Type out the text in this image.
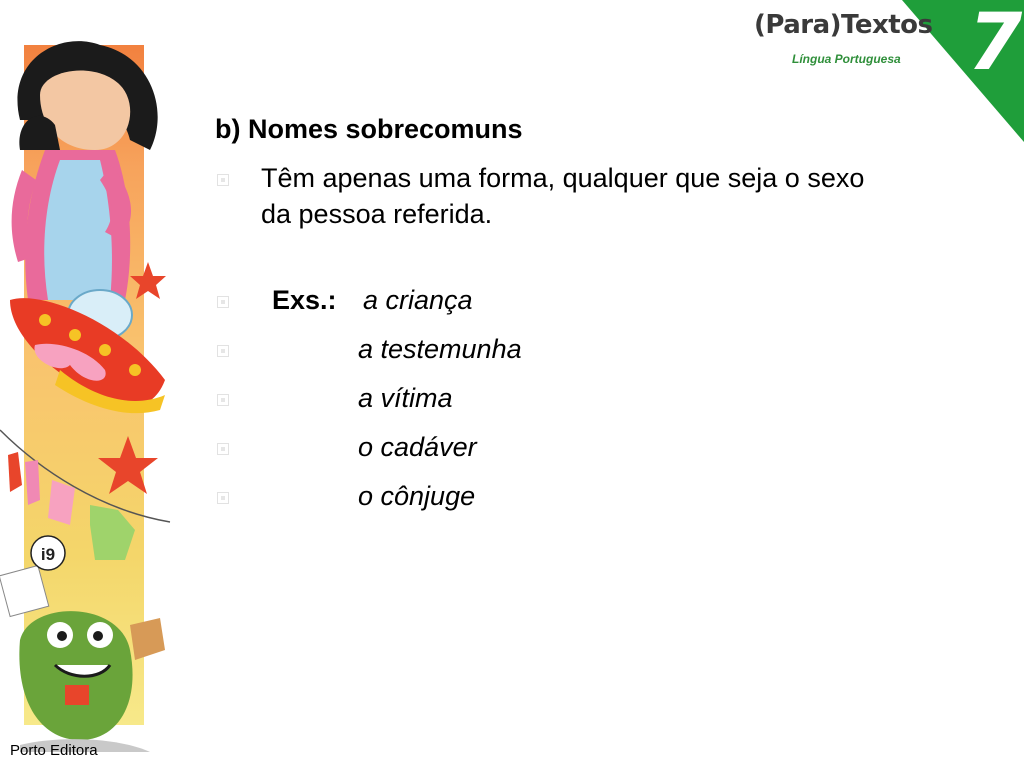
i9
(Para)Textos
Língua Portuguesa 7
b) Nomes sobrecomuns
Têm apenas uma forma, qualquer que seja o sexo da pessoa referida.
Exs.: a criança
a testemunha
a vítima
o cadáver
o cônjuge
Porto Editora
